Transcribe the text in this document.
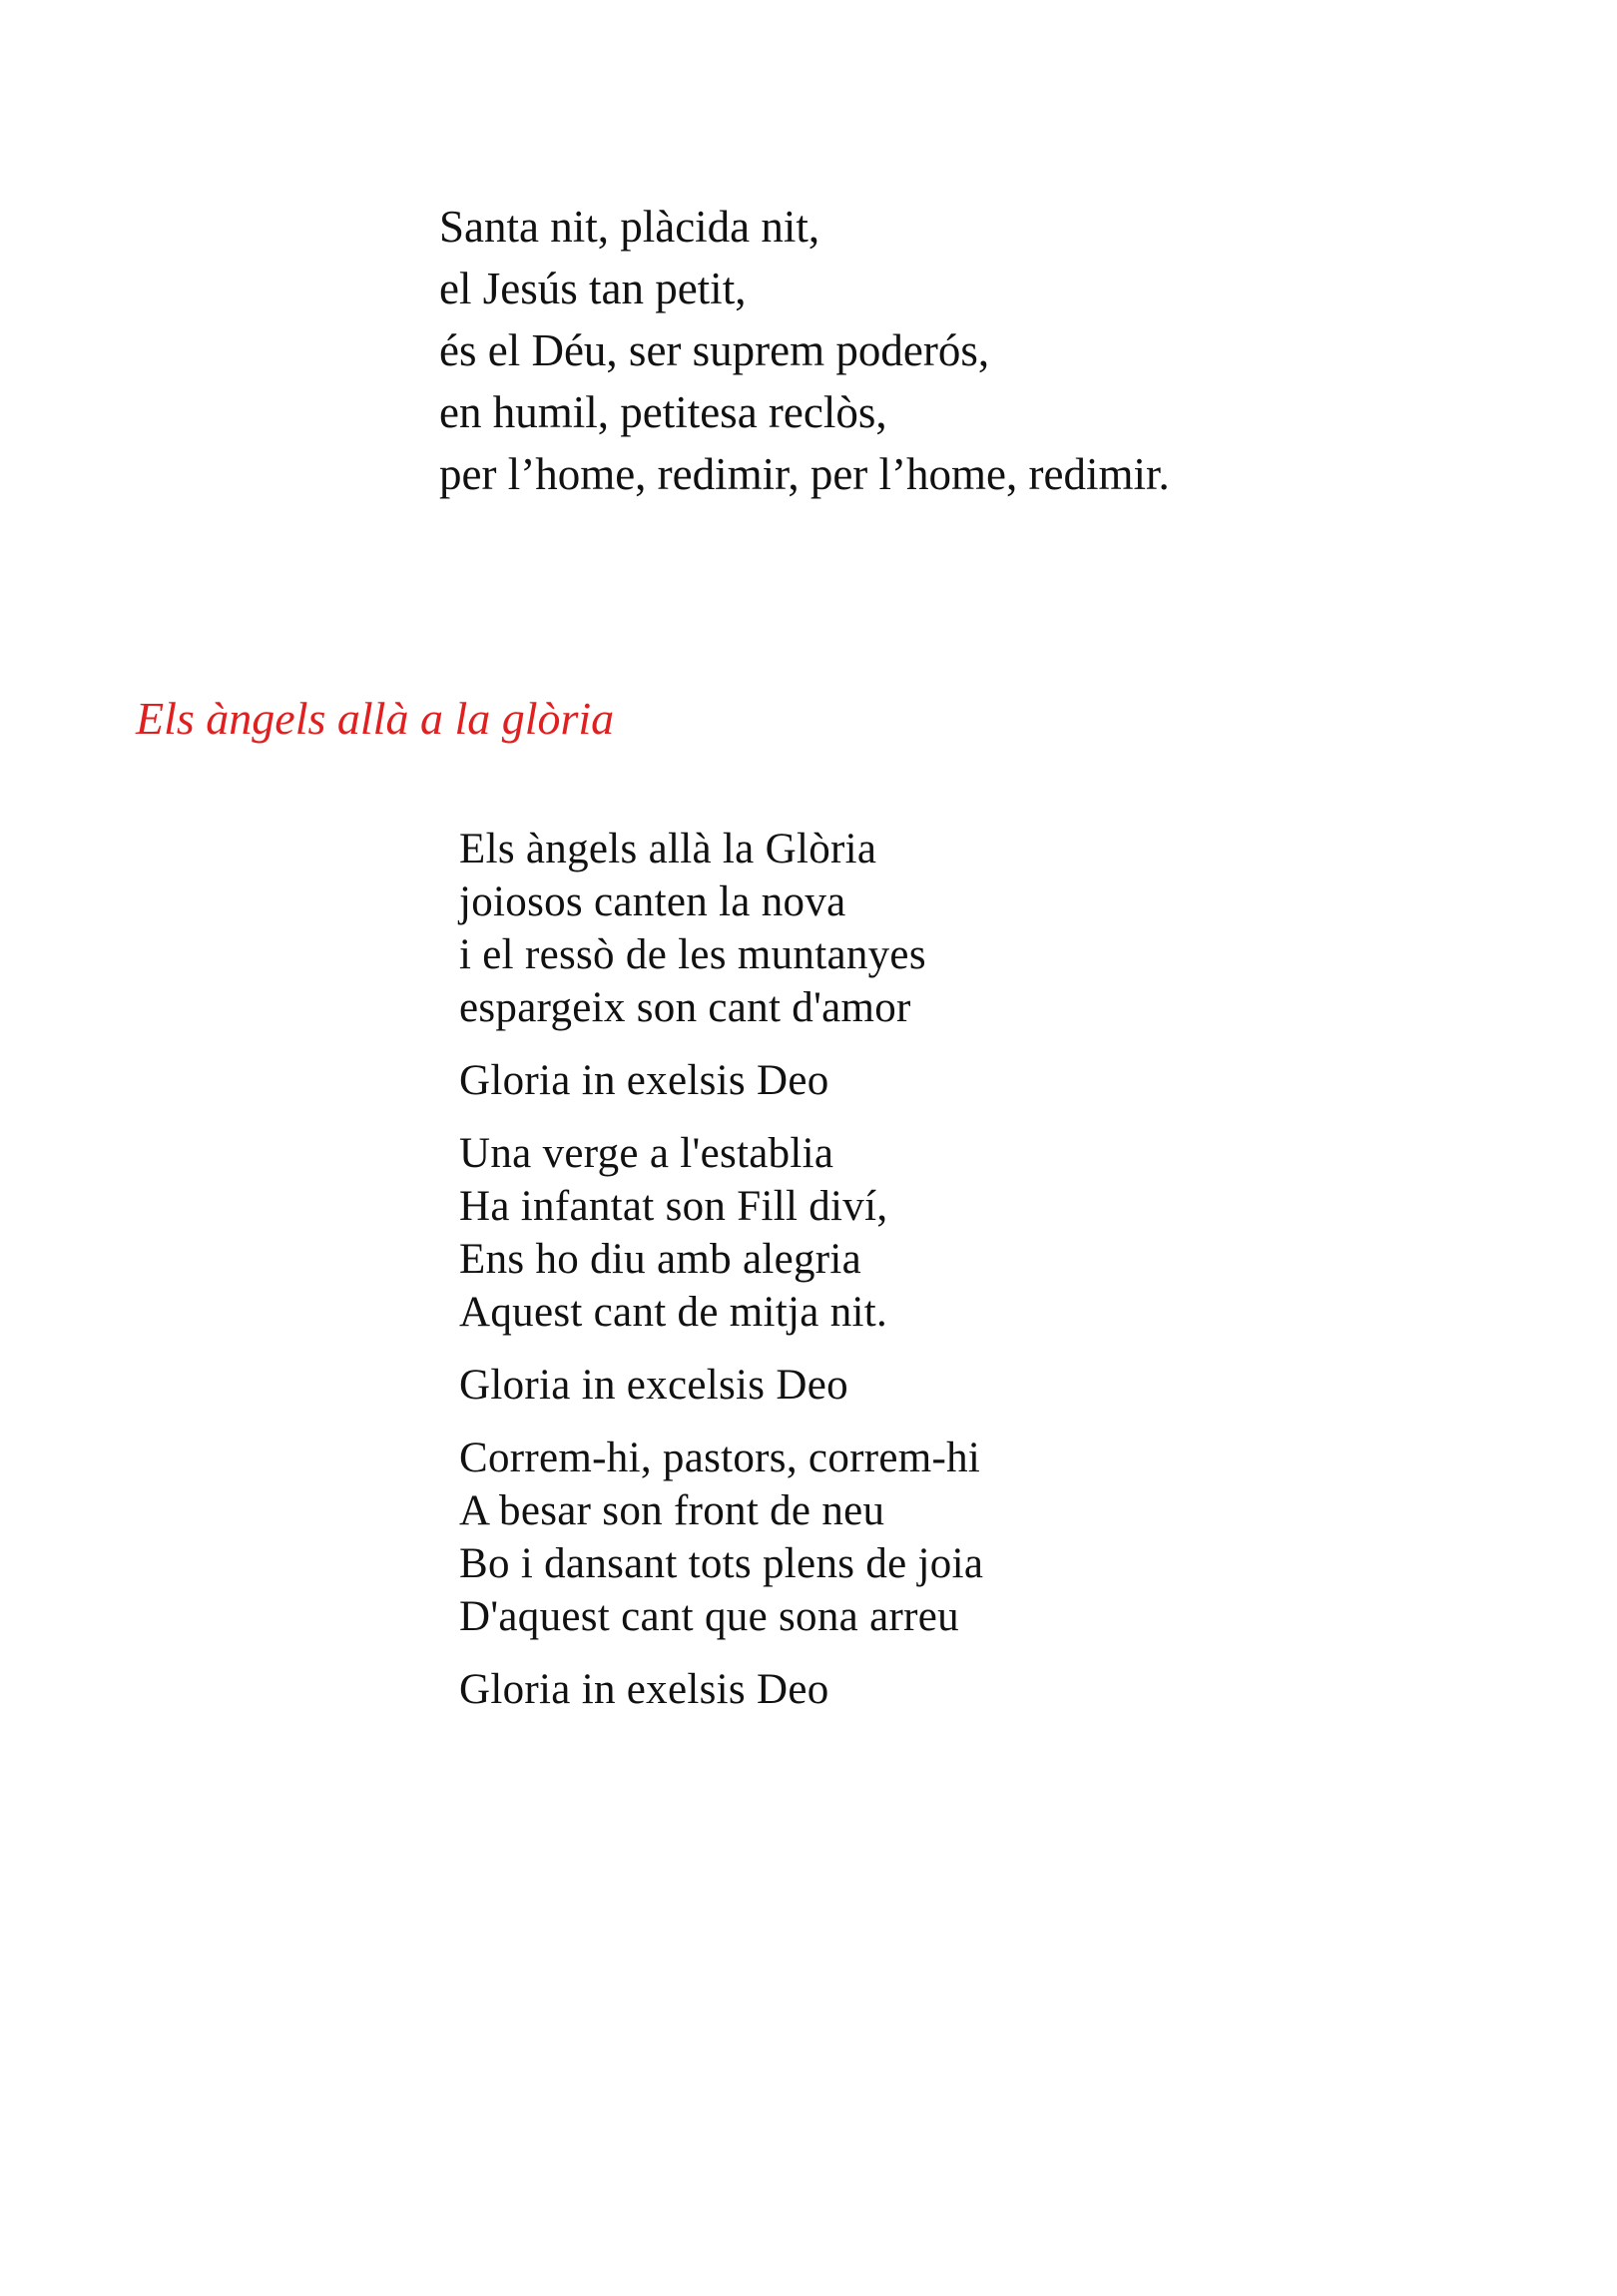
Santa nit, plàcida nit,
el Jesús tan petit,
és el Déu, ser suprem poderós,
en humil, petitesa reclòs,
per l’home, redimir, per l’home, redimir.
Els àngels allà a la glòria
Els àngels allà la Glòria
joiosos canten la nova
i el ressò de les muntanyes
espargeix son cant d'amor
Gloria in exelsis Deo
Una verge a l'establia
Ha infantat son Fill diví,
Ens ho diu amb alegria
Aquest cant de mitja nit.
Gloria in excelsis Deo
Correm-hi, pastors, correm-hi
A besar son front de neu
Bo i dansant tots plens de joia
D'aquest cant que sona arreu
Gloria in exelsis Deo
